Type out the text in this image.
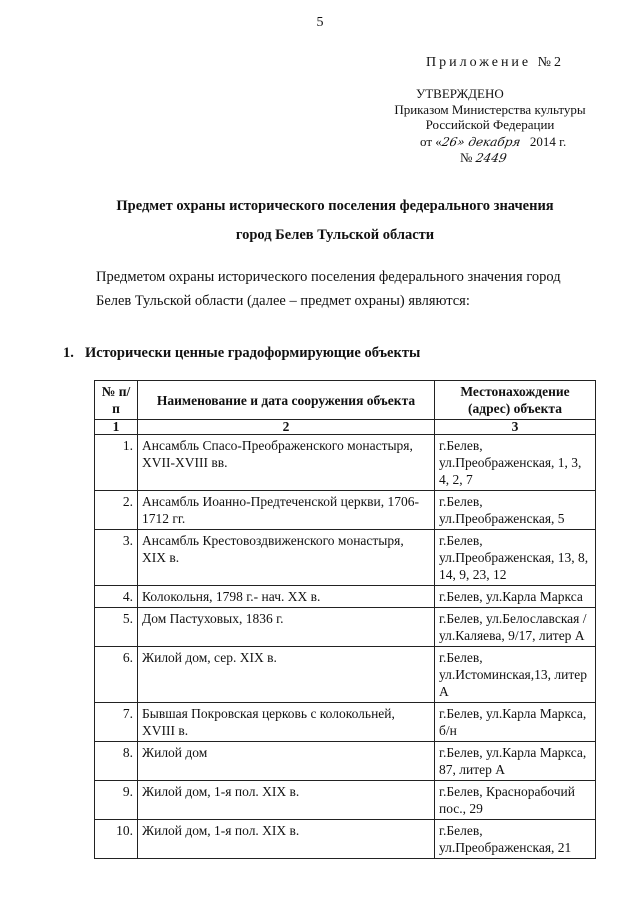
5
Приложение №2
УТВЕРЖДЕНО
Приказом Министерства культуры
Российской Федерации
от «26» декабря 2014 г.
№ 2449
Предмет охраны исторического поселения федерального значения
город Белев Тульской области
Предметом охраны исторического поселения федерального значения город
Белев Тульской области (далее – предмет охраны) являются:
1. Исторически ценные градоформирующие объекты
№ п/п	Наименование и дата сооружения объекта	Местонахождение (адрес) объекта
1	2	3
1.	Ансамбль Спасо-Преображенского монастыря, XVII-XVIII вв.	г.Белев, ул.Преображенская, 1, 3, 4, 2, 7
2.	Ансамбль Иоанно-Предтеченской церкви, 1706-1712 гг.	г.Белев, ул.Преображенская, 5
3.	Ансамбль Крестовоздвиженского монастыря, XIX в.	г.Белев, ул.Преображенская, 13, 8, 14, 9, 23, 12
4.	Колокольня, 1798 г.- нач. XX в.	г.Белев, ул.Карла Маркса
5.	Дом Пастуховых, 1836 г.	г.Белев, ул.Белославская / ул.Каляева, 9/17, литер А
6.	Жилой дом, сер. XIX в.	г.Белев, ул.Истоминская,13, литер А
7.	Бывшая Покровская церковь с колокольней, XVIII в.	г.Белев, ул.Карла Маркса, б/н
8.	Жилой дом	г.Белев, ул.Карла Маркса, 87, литер А
9.	Жилой дом, 1-я пол. XIX в.	г.Белев, Краснорабочий пос., 29
10.	Жилой дом, 1-я пол. XIX в.	г.Белев, ул.Преображенская, 21
